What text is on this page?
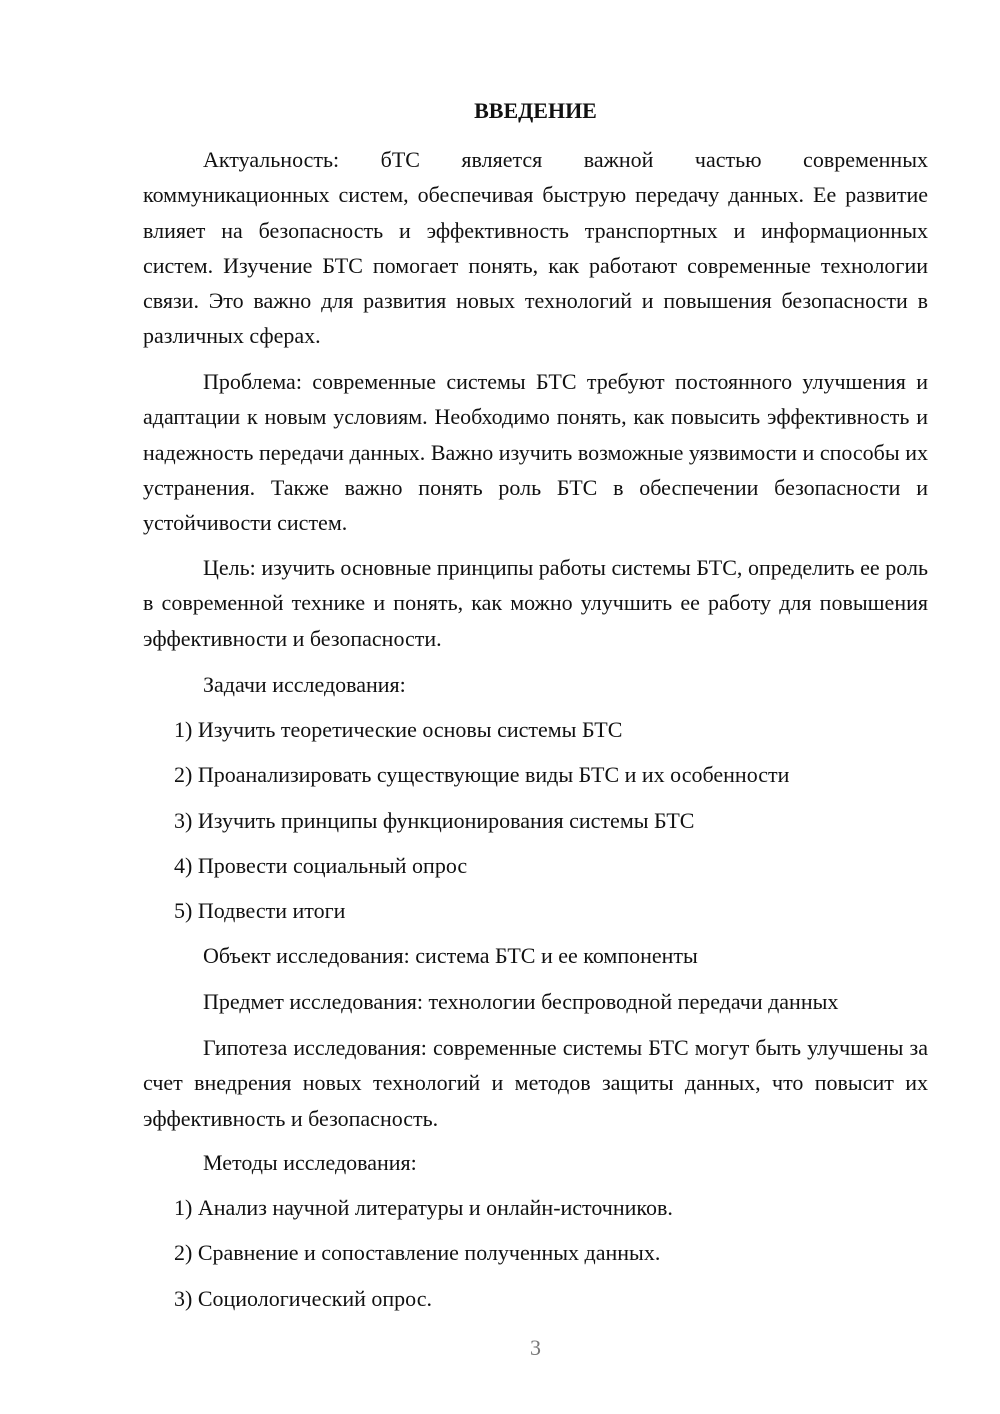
ВВЕДЕНИЕ

Актуальность: бТС является важной частью современных коммуникационных систем, обеспечивая быструю передачу данных. Ее развитие влияет на безопасность и эффективность транспортных и информационных систем. Изучение БТС помогает понять, как работают современные технологии связи. Это важно для развития новых технологий и повышения безопасности в различных сферах.

Проблема: современные системы БТС требуют постоянного улучшения и адаптации к новым условиям. Необходимо понять, как повысить эффективность и надежность передачи данных. Важно изучить возможные уязвимости и способы их устранения. Также важно понять роль БТС в обеспечении безопасности и устойчивости систем.

Цель: изучить основные принципы работы системы БТС, определить ее роль в современной технике и понять, как можно улучшить ее работу для повышения эффективности и безопасности.

Задачи исследования:
1) Изучить теоретические основы системы БТС
2) Проанализировать существующие виды БТС и их особенности
3) Изучить принципы функционирования системы БТС
4) Провести социальный опрос
5) Подвести итоги
Объект исследования: система БТС и ее компоненты
Предмет исследования: технологии беспроводной передачи данных

Гипотеза исследования: современные системы БТС могут быть улучшены за счет внедрения новых технологий и методов защиты данных, что повысит их эффективность и безопасность.

Методы исследования:
1) Анализ научной литературы и онлайн-источников.
2) Сравнение и сопоставление полученных данных.
3) Социологический опрос.
3
